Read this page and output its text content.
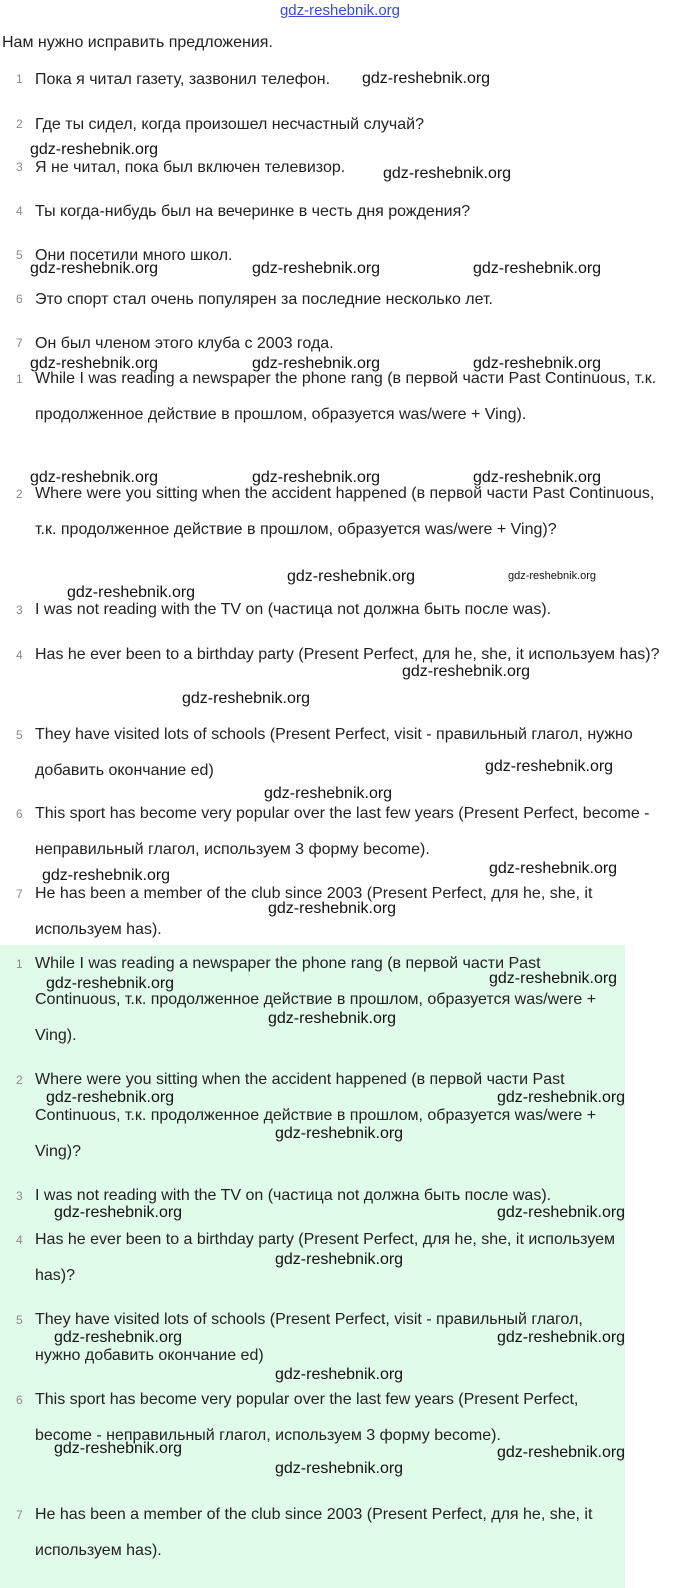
gdz-reshebnik.org
Нам нужно исправить предложения.
1 Пока я читал газету, зазвонил телефон.
2 Где ты сидел, когда произошел несчастный случай?
3 Я не читал, пока был включен телевизор.
4 Ты когда-нибудь был на вечеринке в честь дня рождения?
5 Они посетили много школ.
6 Это спорт стал очень популярен за последние несколько лет.
7 Он был членом этого клуба с 2003 года.
1 While I was reading a newspaper the phone rang (в первой части Past Continuous, т.к. продолженное действие в прошлом, образуется was/were + Ving).
2 Where were you sitting when the accident happened (в первой части Past Continuous, т.к. продолженное действие в прошлом, образуется was/were + Ving)?
3 I was not reading with the TV on (частица not должна быть после was).
4 Has he ever been to a birthday party (Present Perfect, для he, she, it используем has)?
5 They have visited lots of schools (Present Perfect, visit - правильный глагол, нужно добавить окончание ed)
6 This sport has become very popular over the last few years (Present Perfect, become - неправильный глагол, используем 3 форму become).
7 He has been a member of the club since 2003 (Present Perfect, для he, she, it используем has).
1 While I was reading a newspaper the phone rang (в первой части Past Continuous, т.к. продолженное действие в прошлом, образуется was/were + Ving).
2 Where were you sitting when the accident happened (в первой части Past Continuous, т.к. продолженное действие в прошлом, образуется was/were + Ving)?
3 I was not reading with the TV on (частица not должна быть после was).
4 Has he ever been to a birthday party (Present Perfect, для he, she, it используем has)?
5 They have visited lots of schools (Present Perfect, visit - правильный глагол, нужно добавить окончание ed)
6 This sport has become very popular over the last few years (Present Perfect, become - неправильный глагол, используем 3 форму become).
7 He has been a member of the club since 2003 (Present Perfect, для he, she, it используем has).
gdz-reshebnik.org
gdz-reshebnik.org
gdz-reshebnik.org
gdz-reshebnik.org	gdz-reshebnik.org	gdz-reshebnik.org
gdz-reshebnik.org	gdz-reshebnik.org	gdz-reshebnik.org
gdz-reshebnik.org	gdz-reshebnik.org	gdz-reshebnik.org
gdz-reshebnik.org	gdz-reshebnik.org
gdz-reshebnik.org
gdz-reshebnik.org
gdz-reshebnik.org
gdz-reshebnik.org
gdz-reshebnik.org
gdz-reshebnik.org
gdz-reshebnik.org
gdz-reshebnik.org
gdz-reshebnik.org
gdz-reshebnik.org
gdz-reshebnik.org
gdz-reshebnik.org	gdz-reshebnik.org
gdz-reshebnik.org
gdz-reshebnik.org	gdz-reshebnik.org
gdz-reshebnik.org
gdz-reshebnik.org	gdz-reshebnik.org
gdz-reshebnik.org
gdz-reshebnik.org	gdz-reshebnik.org
gdz-reshebnik.org
